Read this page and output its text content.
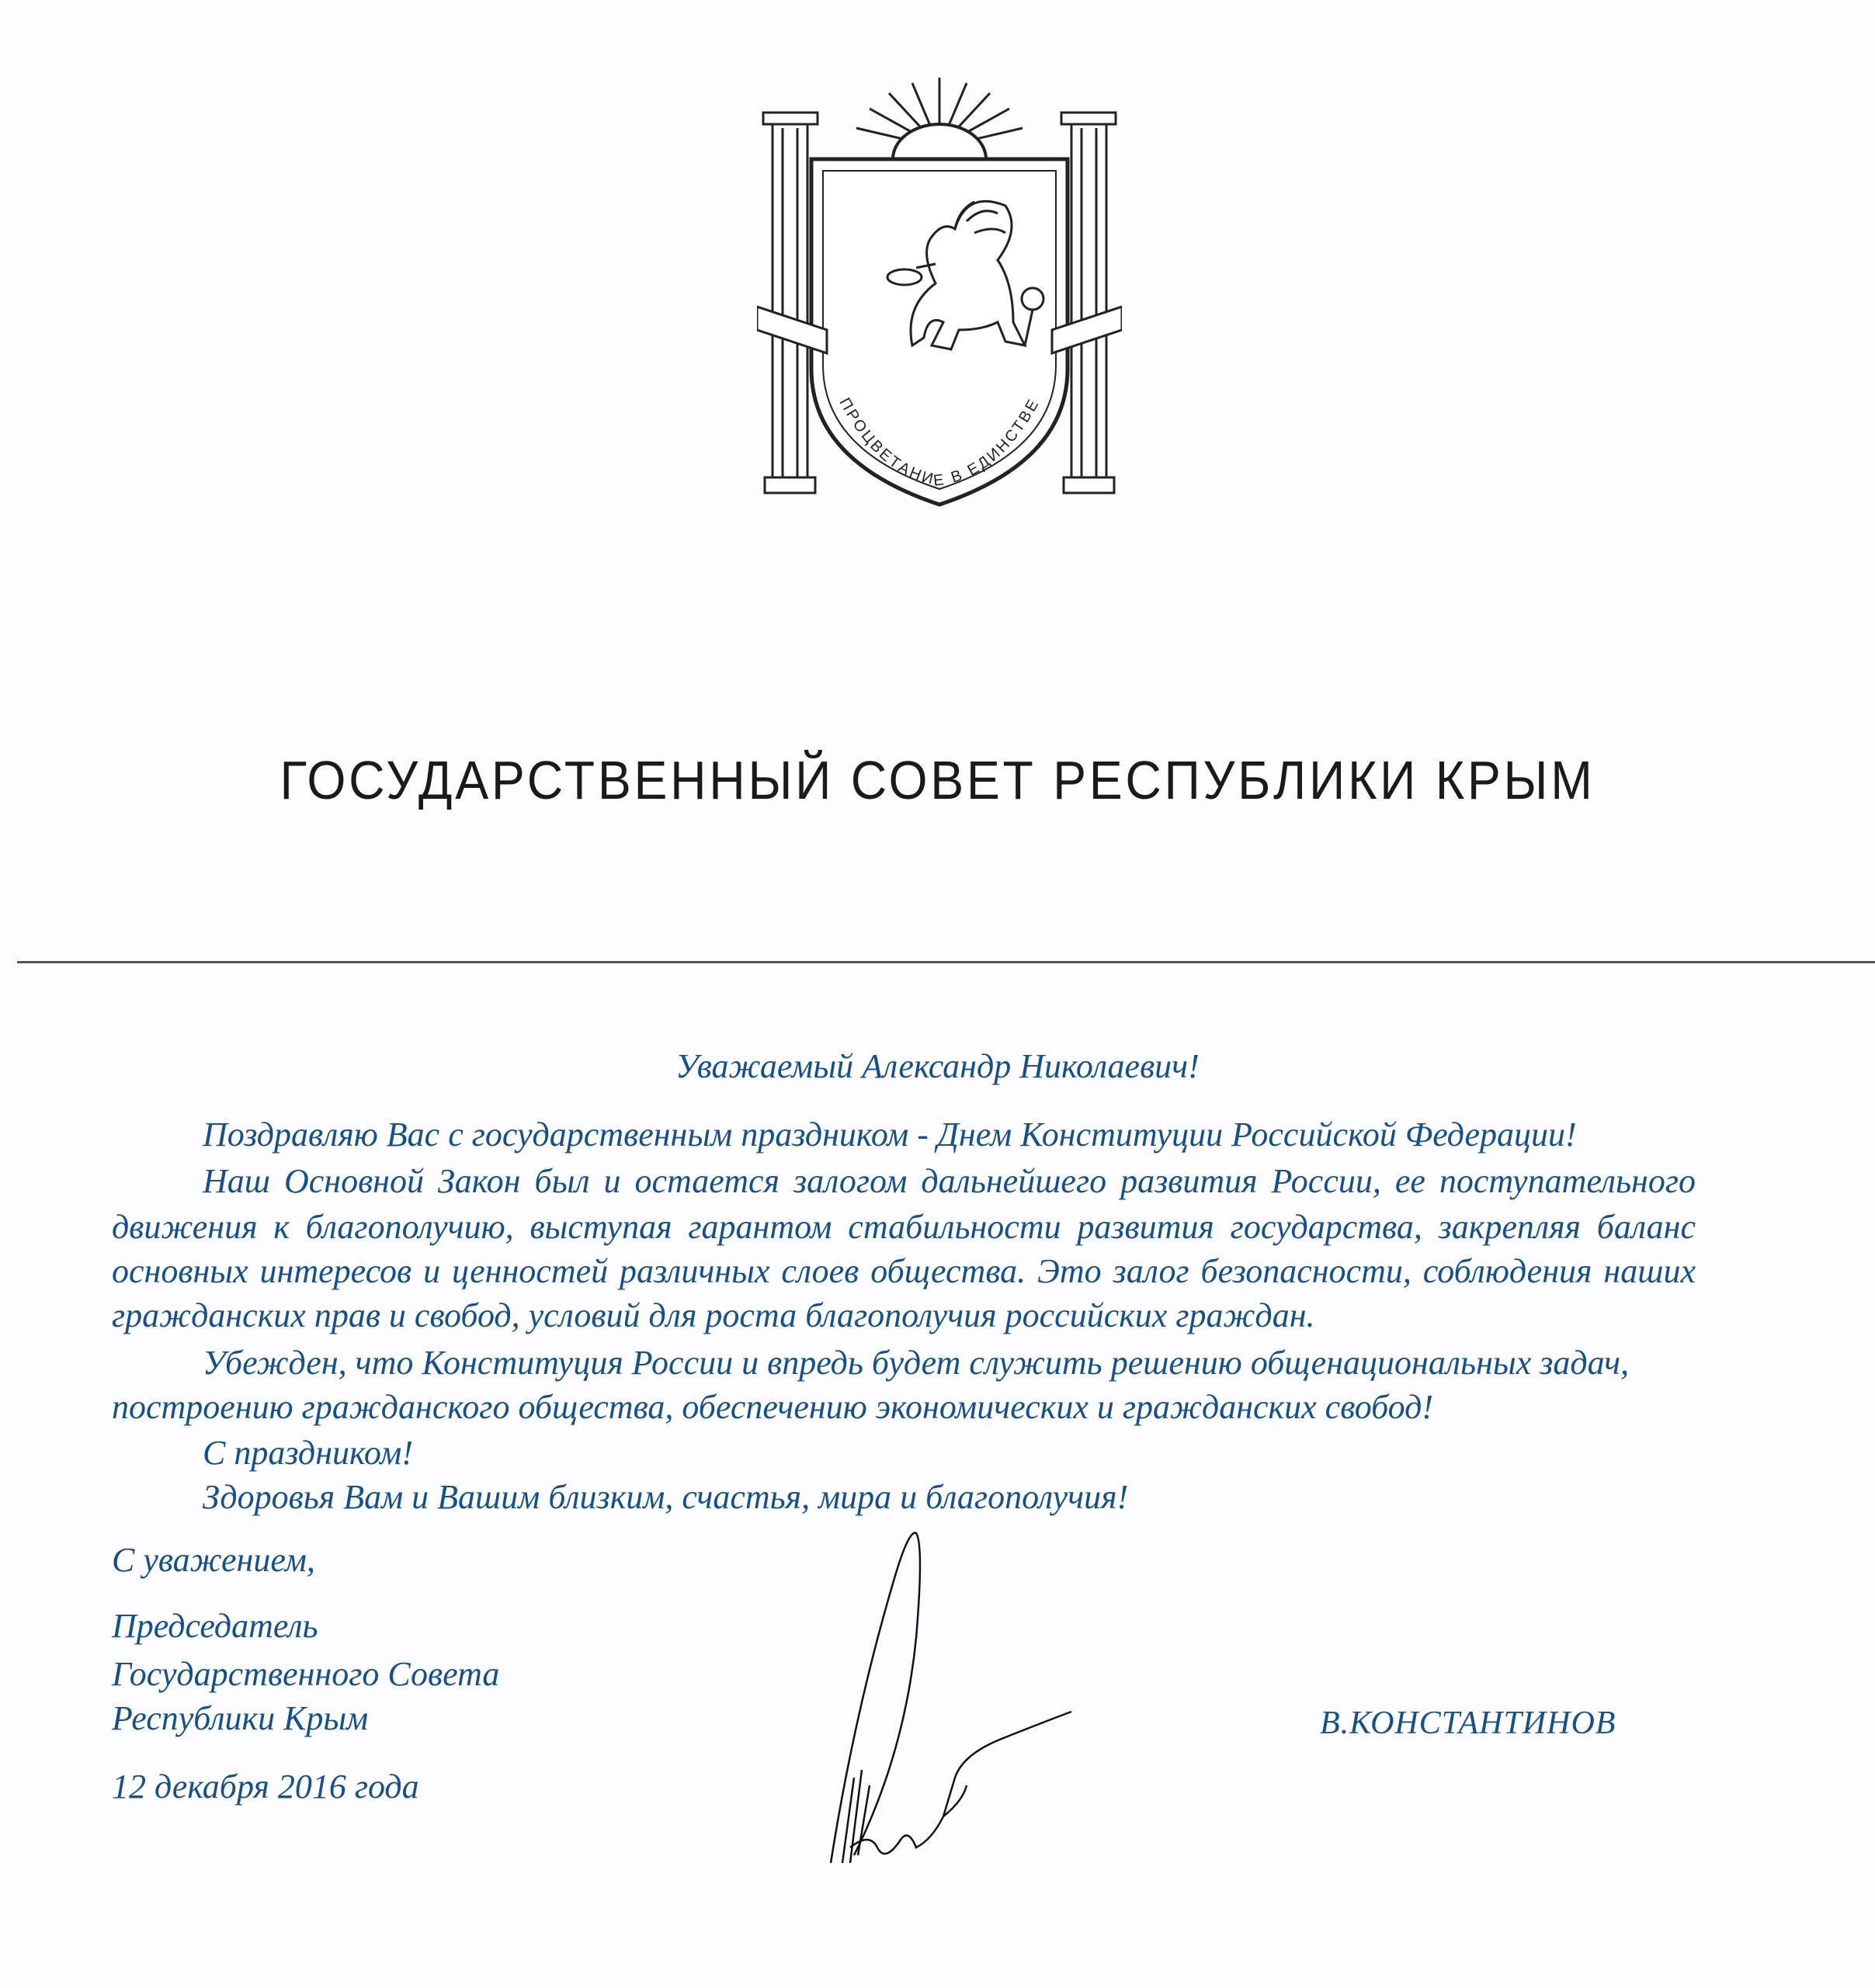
ПРОЦВЕТАНИЕ В ЕДИНСТВЕ
ГОСУДАРСТВЕННЫЙ СОВЕТ РЕСПУБЛИКИ КРЫМ
Уважаемый Александр Николаевич!
Поздравляю Вас с государственным праздником - Днем Конституции Российской Федерации!
Наш Основной Закон был и остается залогом дальнейшего развития России, ее поступательного
движения к благополучию, выступая гарантом стабильности развития государства, закрепляя баланс
основных интересов и ценностей различных слоев общества. Это залог безопасности, соблюдения наших
гражданских прав и свобод, условий для роста благополучия российских граждан.
Убежден, что Конституция России и впредь будет служить решению общенациональных задач,
построению гражданского общества, обеспечению экономических и гражданских свобод!
С праздником!
Здоровья Вам и Вашим близким, счастья, мира и благополучия!
С уважением,
Председатель
Государственного Совета
Республики Крым
12 декабря 2016 года
В.КОНСТАНТИНОВ
